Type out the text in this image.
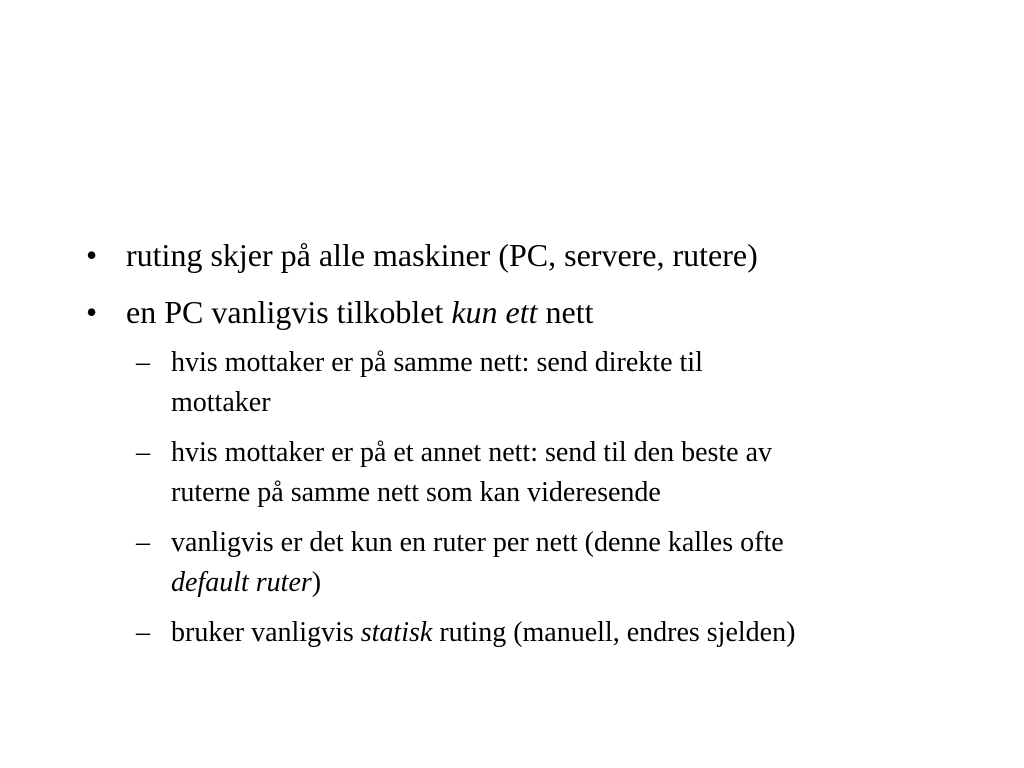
• ruting skjer på alle maskiner (PC, servere, rutere)
• en PC vanligvis tilkoblet kun ett nett
– hvis mottaker er på samme nett: send direkte til
mottaker
– hvis mottaker er på et annet nett: send til den beste av
ruterne på samme nett som kan videresende
– vanligvis er det kun en ruter per nett (denne kalles ofte
default ruter)
– bruker vanligvis statisk ruting (manuell, endres sjelden)
